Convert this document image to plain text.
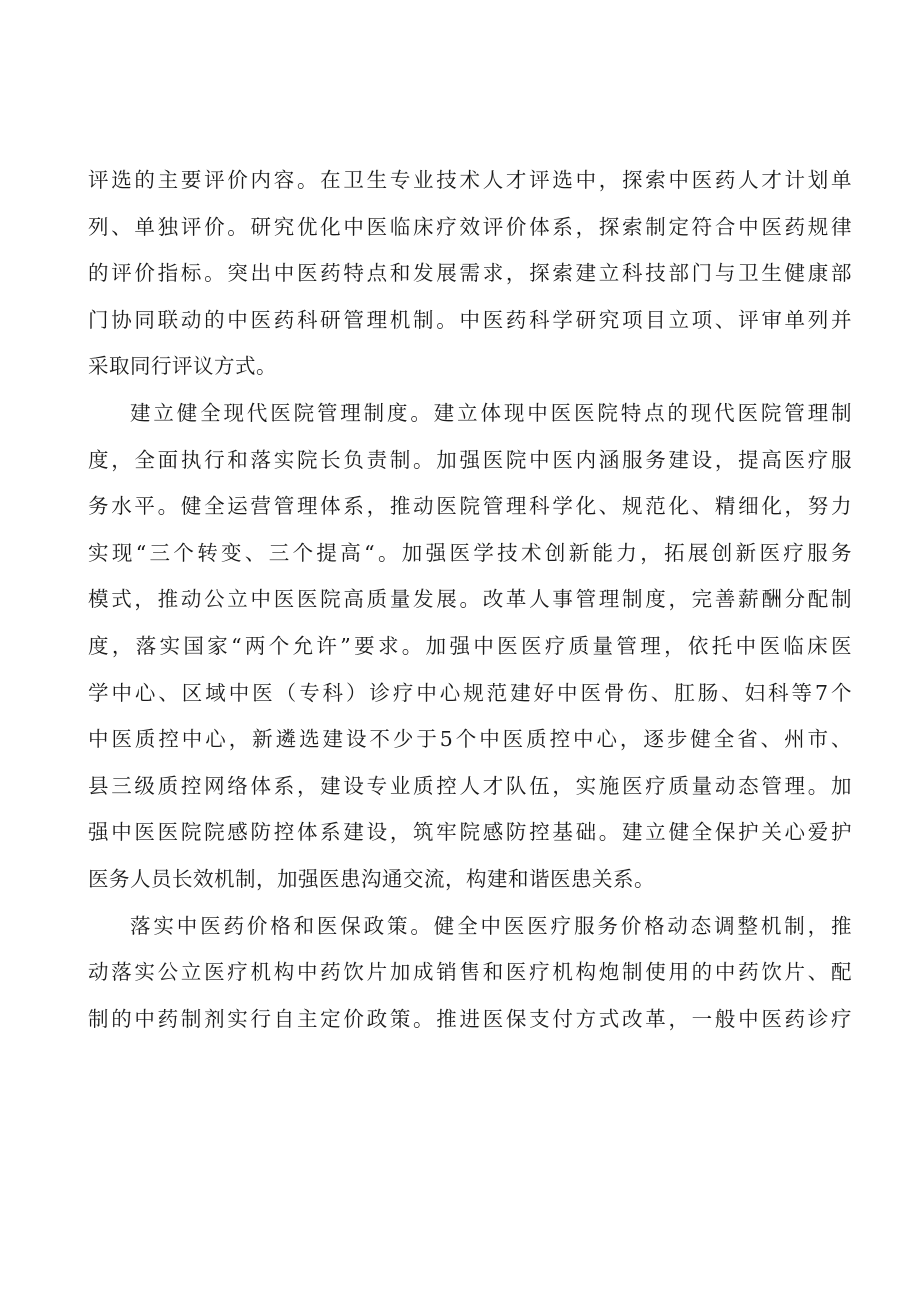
评选的主要评价内容。在卫生专业技术人才评选中，探索中医药人才计划单
列、单独评价。研究优化中医临床疗效评价体系，探索制定符合中医药规律
的评价指标。突出中医药特点和发展需求，探索建立科技部门与卫生健康部
门协同联动的中医药科研管理机制。中医药科学研究项目立项、评审单列并
采取同行评议方式。

建立健全现代医院管理制度。建立体现中医医院特点的现代医院管理制
度，全面执行和落实院长负责制。加强医院中医内涵服务建设，提高医疗服
务水平。健全运营管理体系，推动医院管理科学化、规范化、精细化，努力
实现“三个转变、三个提高“。加强医学技术创新能力，拓展创新医疗服务
模式，推动公立中医医院高质量发展。改革人事管理制度，完善薪酬分配制
度，落实国家“两个允许”要求。加强中医医疗质量管理，依托中医临床医
学中心、区域中医（专科）诊疗中心规范建好中医骨伤、肛肠、妇科等7个
中医质控中心，新遴选建设不少于5个中医质控中心，逐步健全省、州市、
县三级质控网络体系，建设专业质控人才队伍，实施医疗质量动态管理。加
强中医医院院感防控体系建设，筑牢院感防控基础。建立健全保护关心爱护
医务人员长效机制，加强医患沟通交流，构建和谐医患关系。

落实中医药价格和医保政策。健全中医医疗服务价格动态调整机制，推
动落实公立医疗机构中药饮片加成销售和医疗机构炮制使用的中药饮片、配
制的中药制剂实行自主定价政策。推进医保支付方式改革，一般中医药诊疗
